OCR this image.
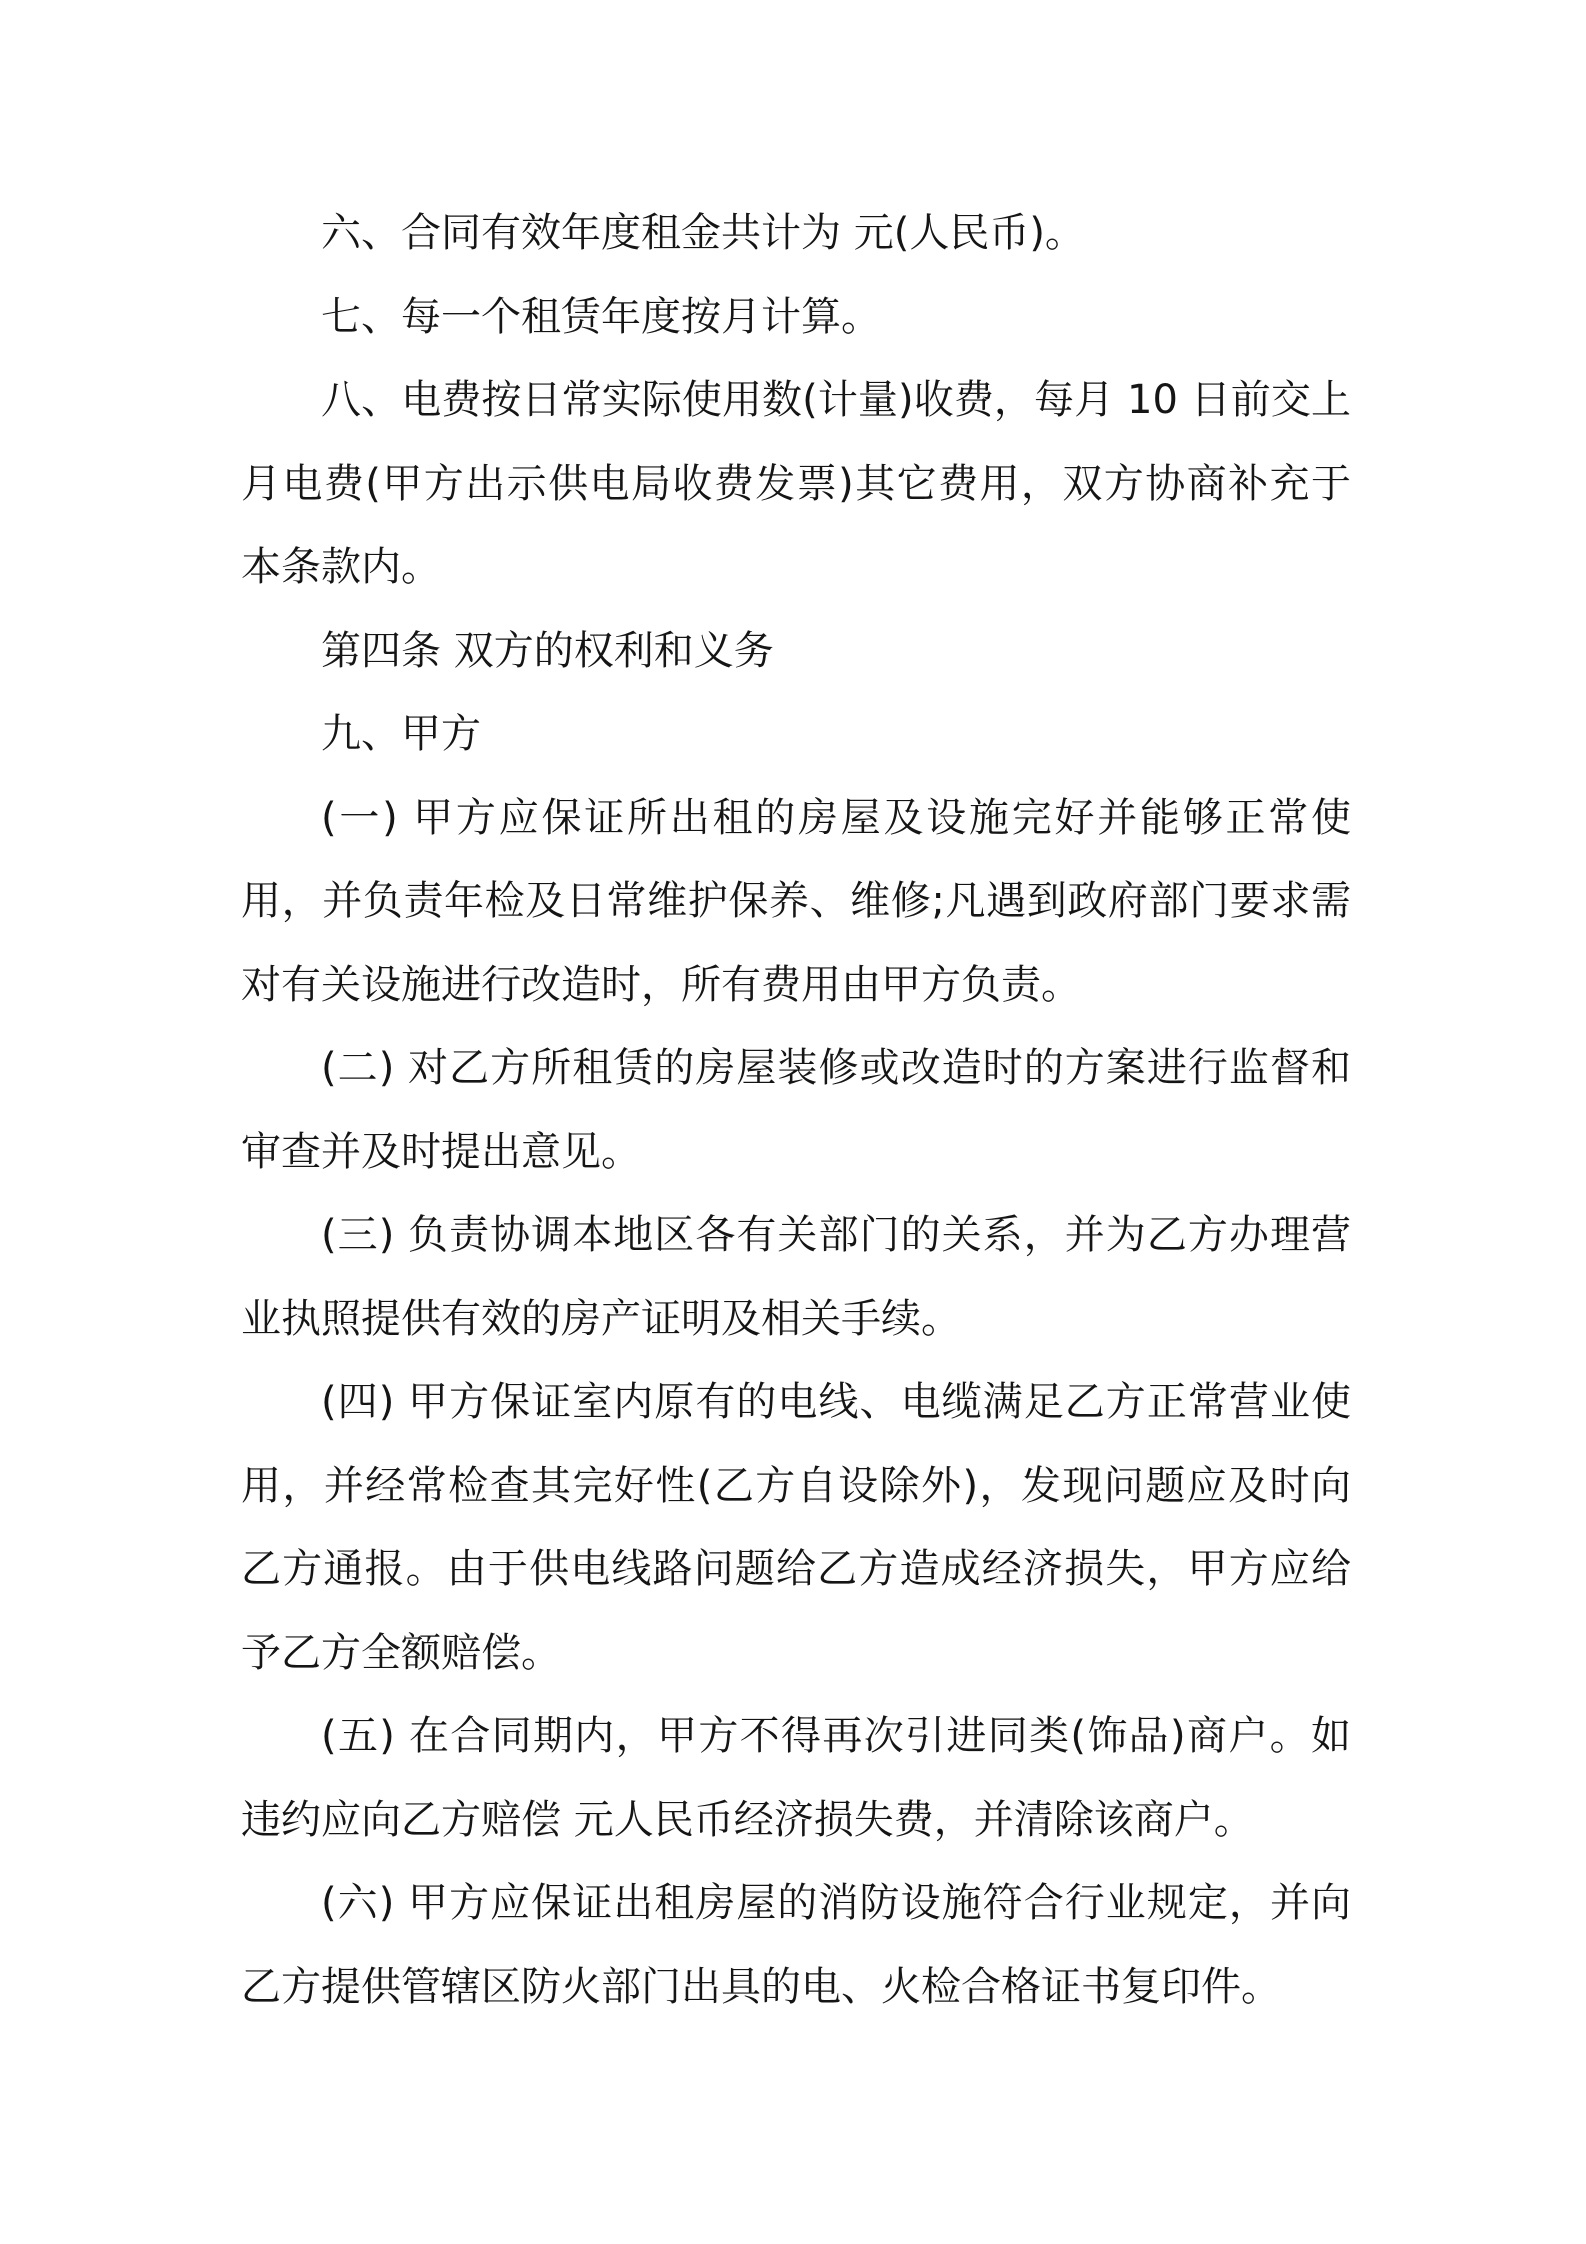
六、合同有效年度租金共计为 元(人民币)。

七、每一个租赁年度按月计算。

八、电费按日常实际使用数(计量)收费，每月 10 日前交上月电费(甲方出示供电局收费发票)其它费用，双方协商补充于本条款内。

第四条 双方的权利和义务

九、甲方

(一) 甲方应保证所出租的房屋及设施完好并能够正常使用，并负责年检及日常维护保养、维修;凡遇到政府部门要求需对有关设施进行改造时，所有费用由甲方负责。

(二) 对乙方所租赁的房屋装修或改造时的方案进行监督和审查并及时提出意见。

(三) 负责协调本地区各有关部门的关系，并为乙方办理营业执照提供有效的房产证明及相关手续。

(四) 甲方保证室内原有的电线、电缆满足乙方正常营业使用，并经常检查其完好性(乙方自设除外)，发现问题应及时向乙方通报。由于供电线路问题给乙方造成经济损失，甲方应给予乙方全额赔偿。

(五) 在合同期内，甲方不得再次引进同类(饰品)商户。如违约应向乙方赔偿 元人民币经济损失费，并清除该商户。

(六) 甲方应保证出租房屋的消防设施符合行业规定，并向乙方提供管辖区防火部门出具的电、火检合格证书复印件。
